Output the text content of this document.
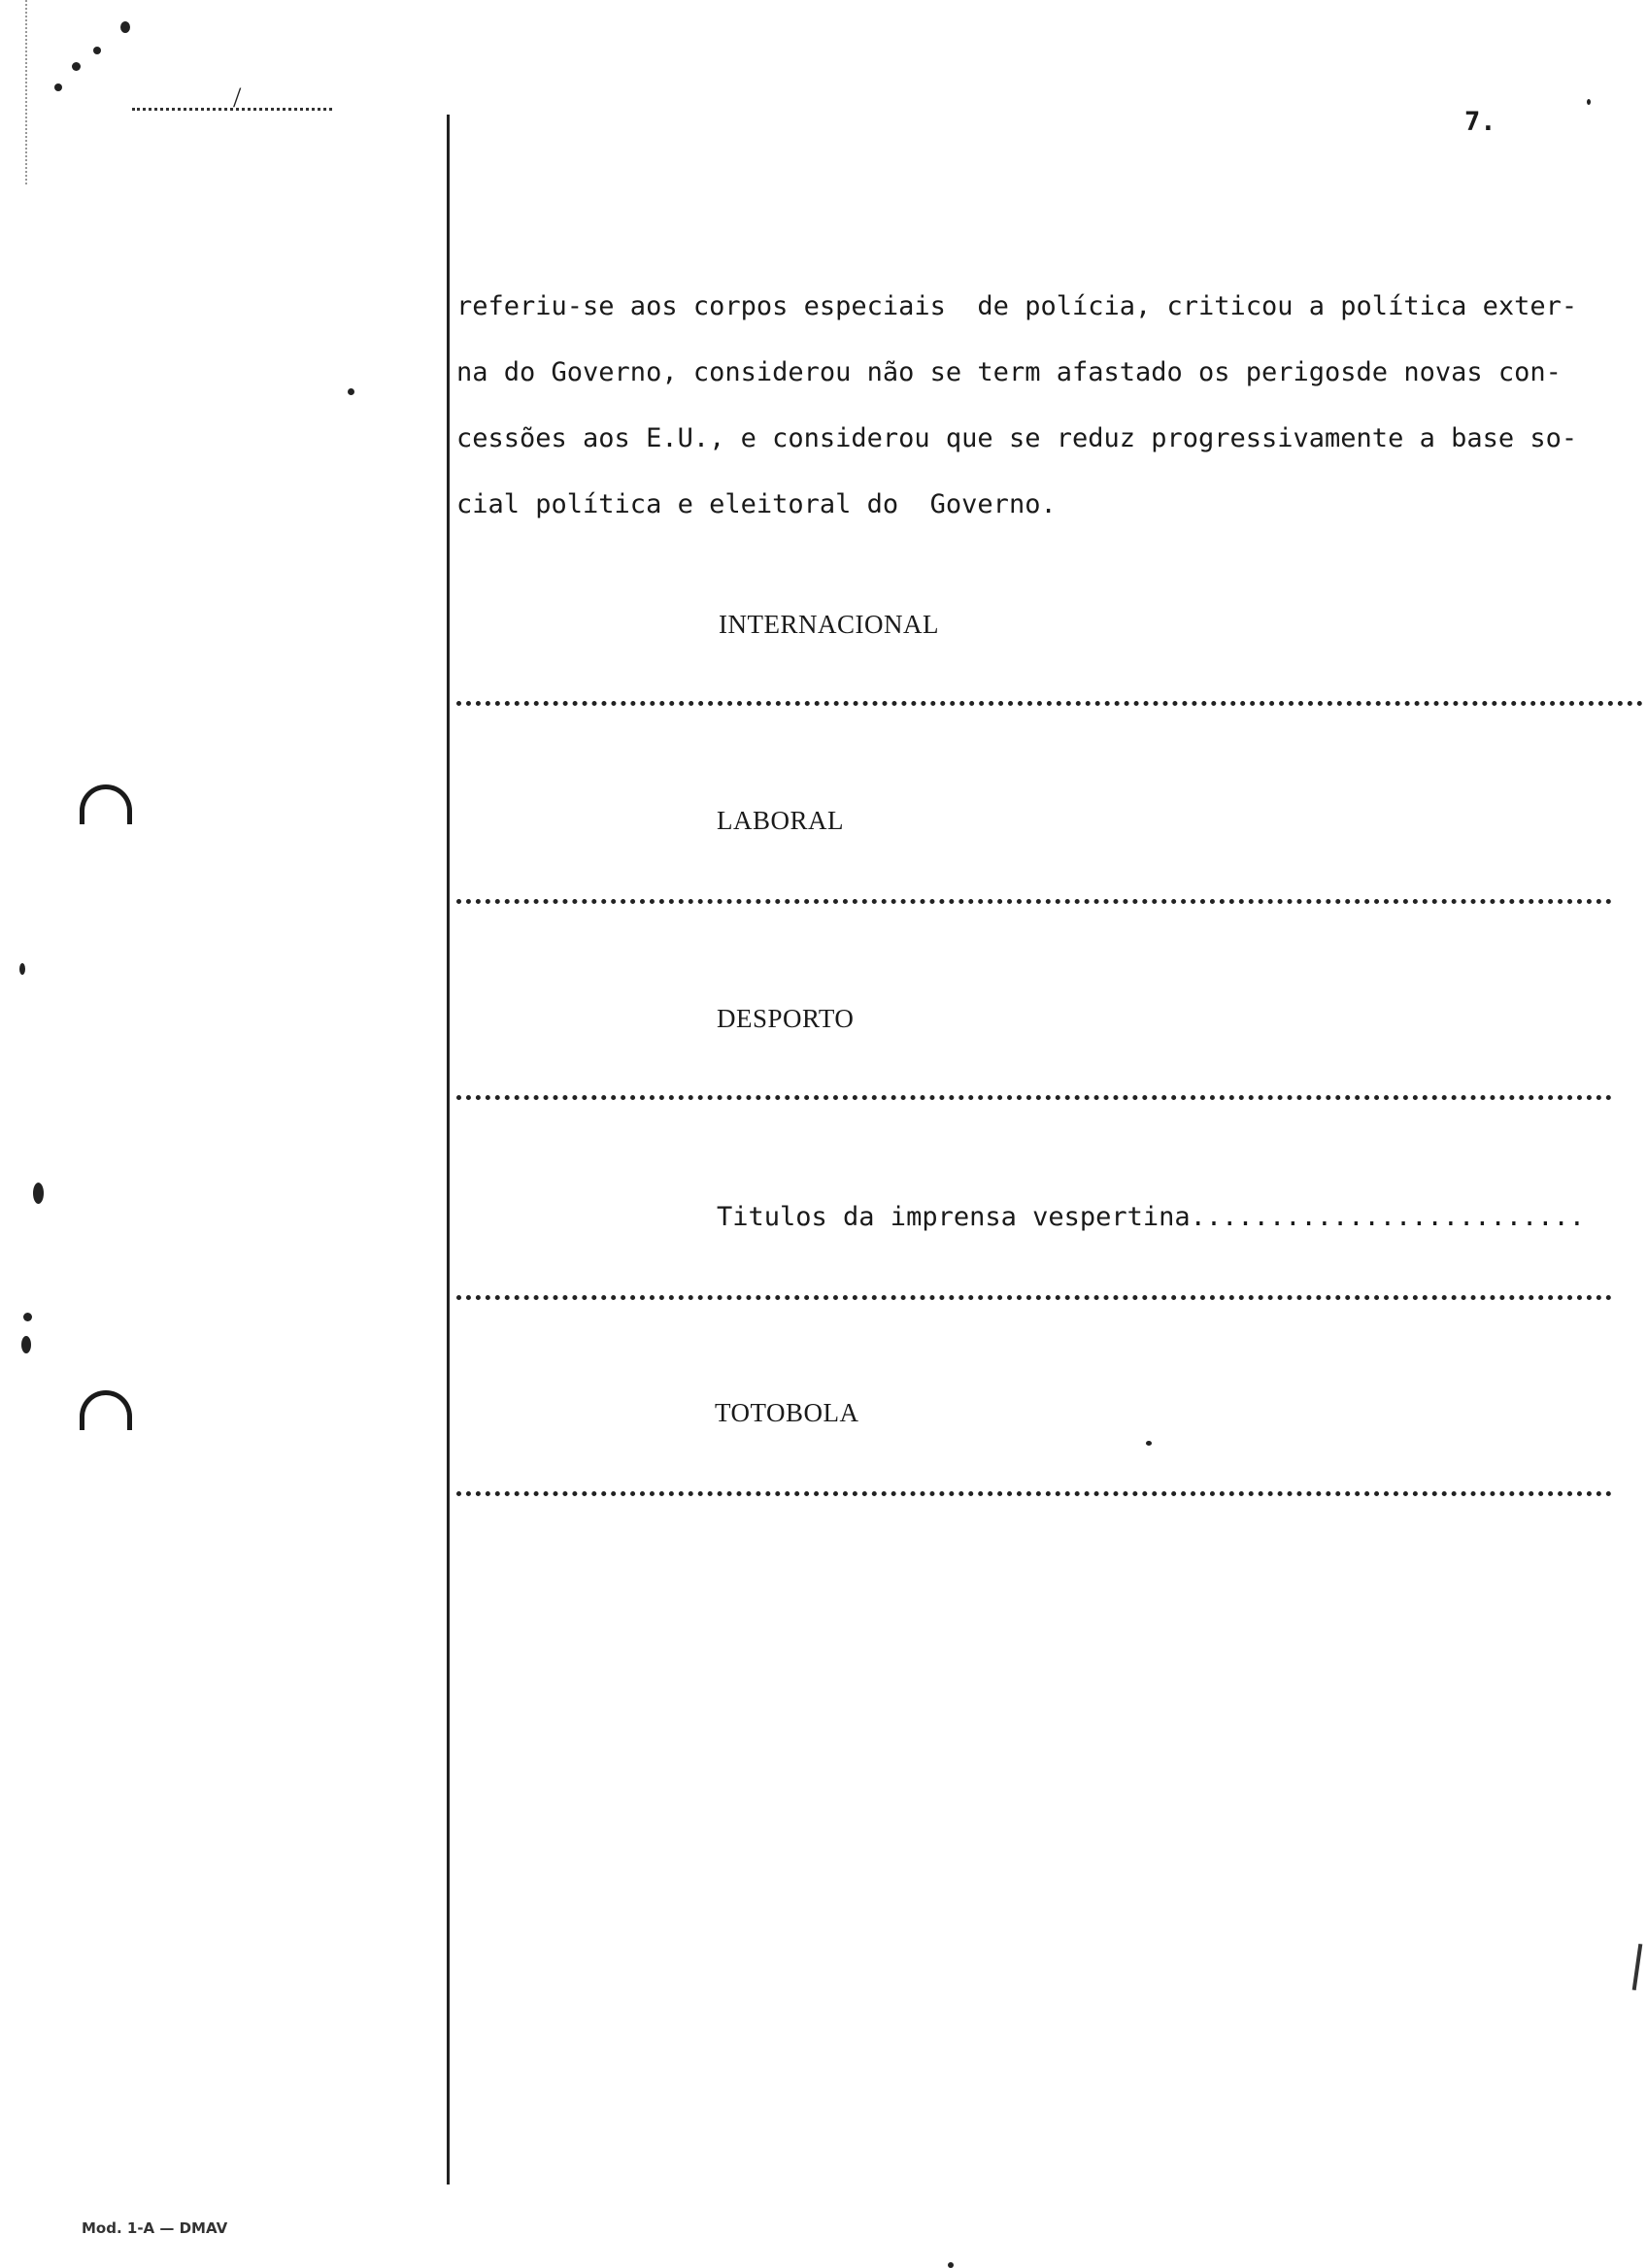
/
7.

referiu-se aos corpos especiais  de polícia, criticou a política exter-
na do Governo, considerou não se term afastado os perigosde novas con-
cessões aos E.U., e considerou que se reduz progressivamente a base so-
cial política e eleitoral do  Governo.

INTERNACIONAL
LABORAL
DESPORTO
Titulos da imprensa vespertina.........................
TOTOBOLA
Mod. 1-A — DMAV
